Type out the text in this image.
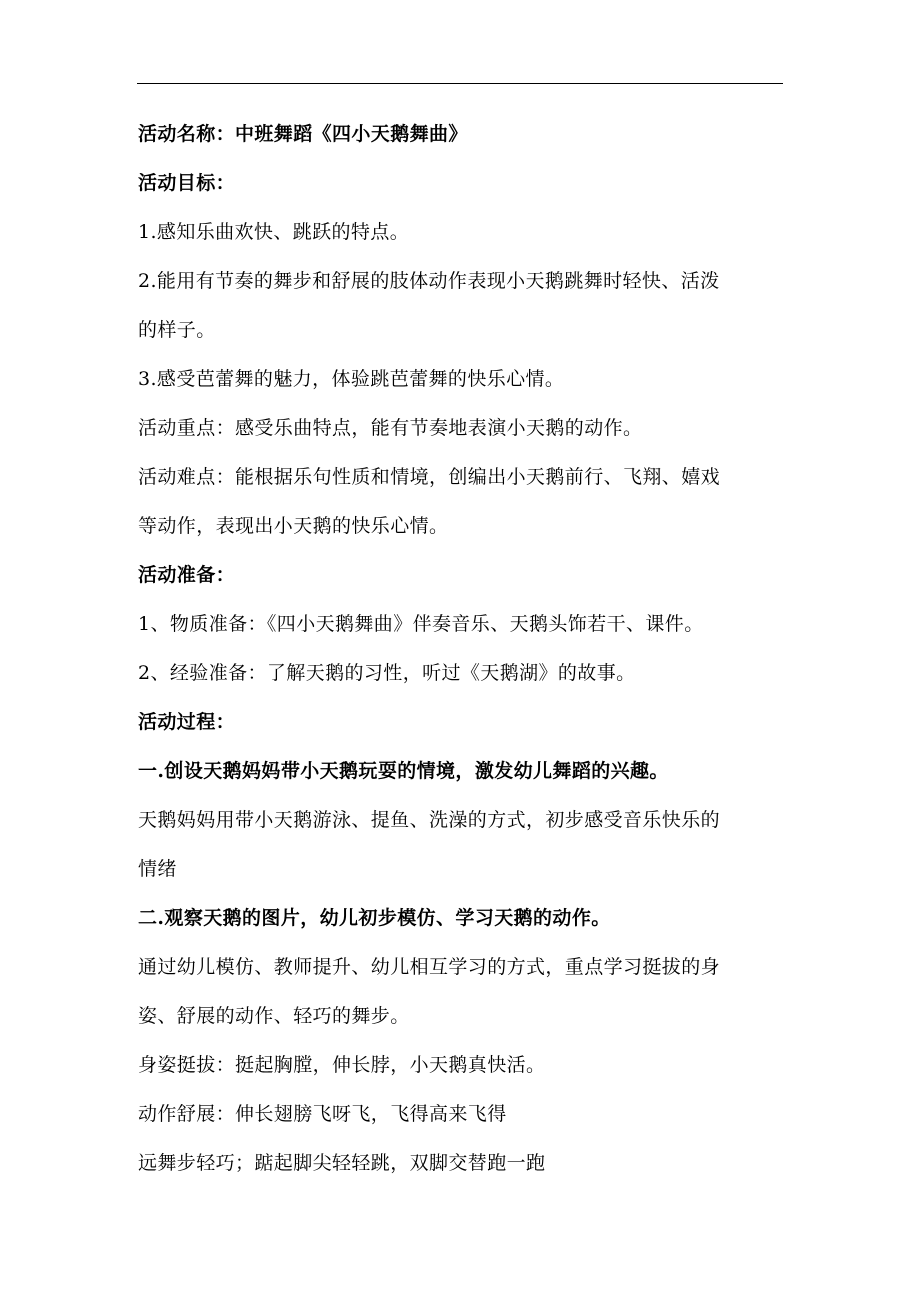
活动名称：中班舞蹈《四小天鹅舞曲》
活动目标：
1.感知乐曲欢快、跳跃的特点。
2.能用有节奏的舞步和舒展的肢体动作表现小天鹅跳舞时轻快、活泼
的样子。
3.感受芭蕾舞的魅力，体验跳芭蕾舞的快乐心情。
活动重点：感受乐曲特点，能有节奏地表演小天鹅的动作。
活动难点：能根据乐句性质和情境，创编出小天鹅前行、飞翔、嬉戏
等动作，表现出小天鹅的快乐心情。
活动准备：
1、物质准备：《四小天鹅舞曲》伴奏音乐、天鹅头饰若干、课件。
2、经验准备：了解天鹅的习性，听过《天鹅湖》的故事。
活动过程：
一.创设天鹅妈妈带小天鹅玩耍的情境，激发幼儿舞蹈的兴趣。
天鹅妈妈用带小天鹅游泳、提鱼、洗澡的方式，初步感受音乐快乐的
情绪
二.观察天鹅的图片，幼儿初步模仿、学习天鹅的动作。
通过幼儿模仿、教师提升、幼儿相互学习的方式，重点学习挺拔的身
姿、舒展的动作、轻巧的舞步。
身姿挺拔：挺起胸膛，伸长脖，小天鹅真快活。
动作舒展：伸长翅膀飞呀飞，飞得高来飞得
远舞步轻巧；踮起脚尖轻轻跳，双脚交替跑一跑
